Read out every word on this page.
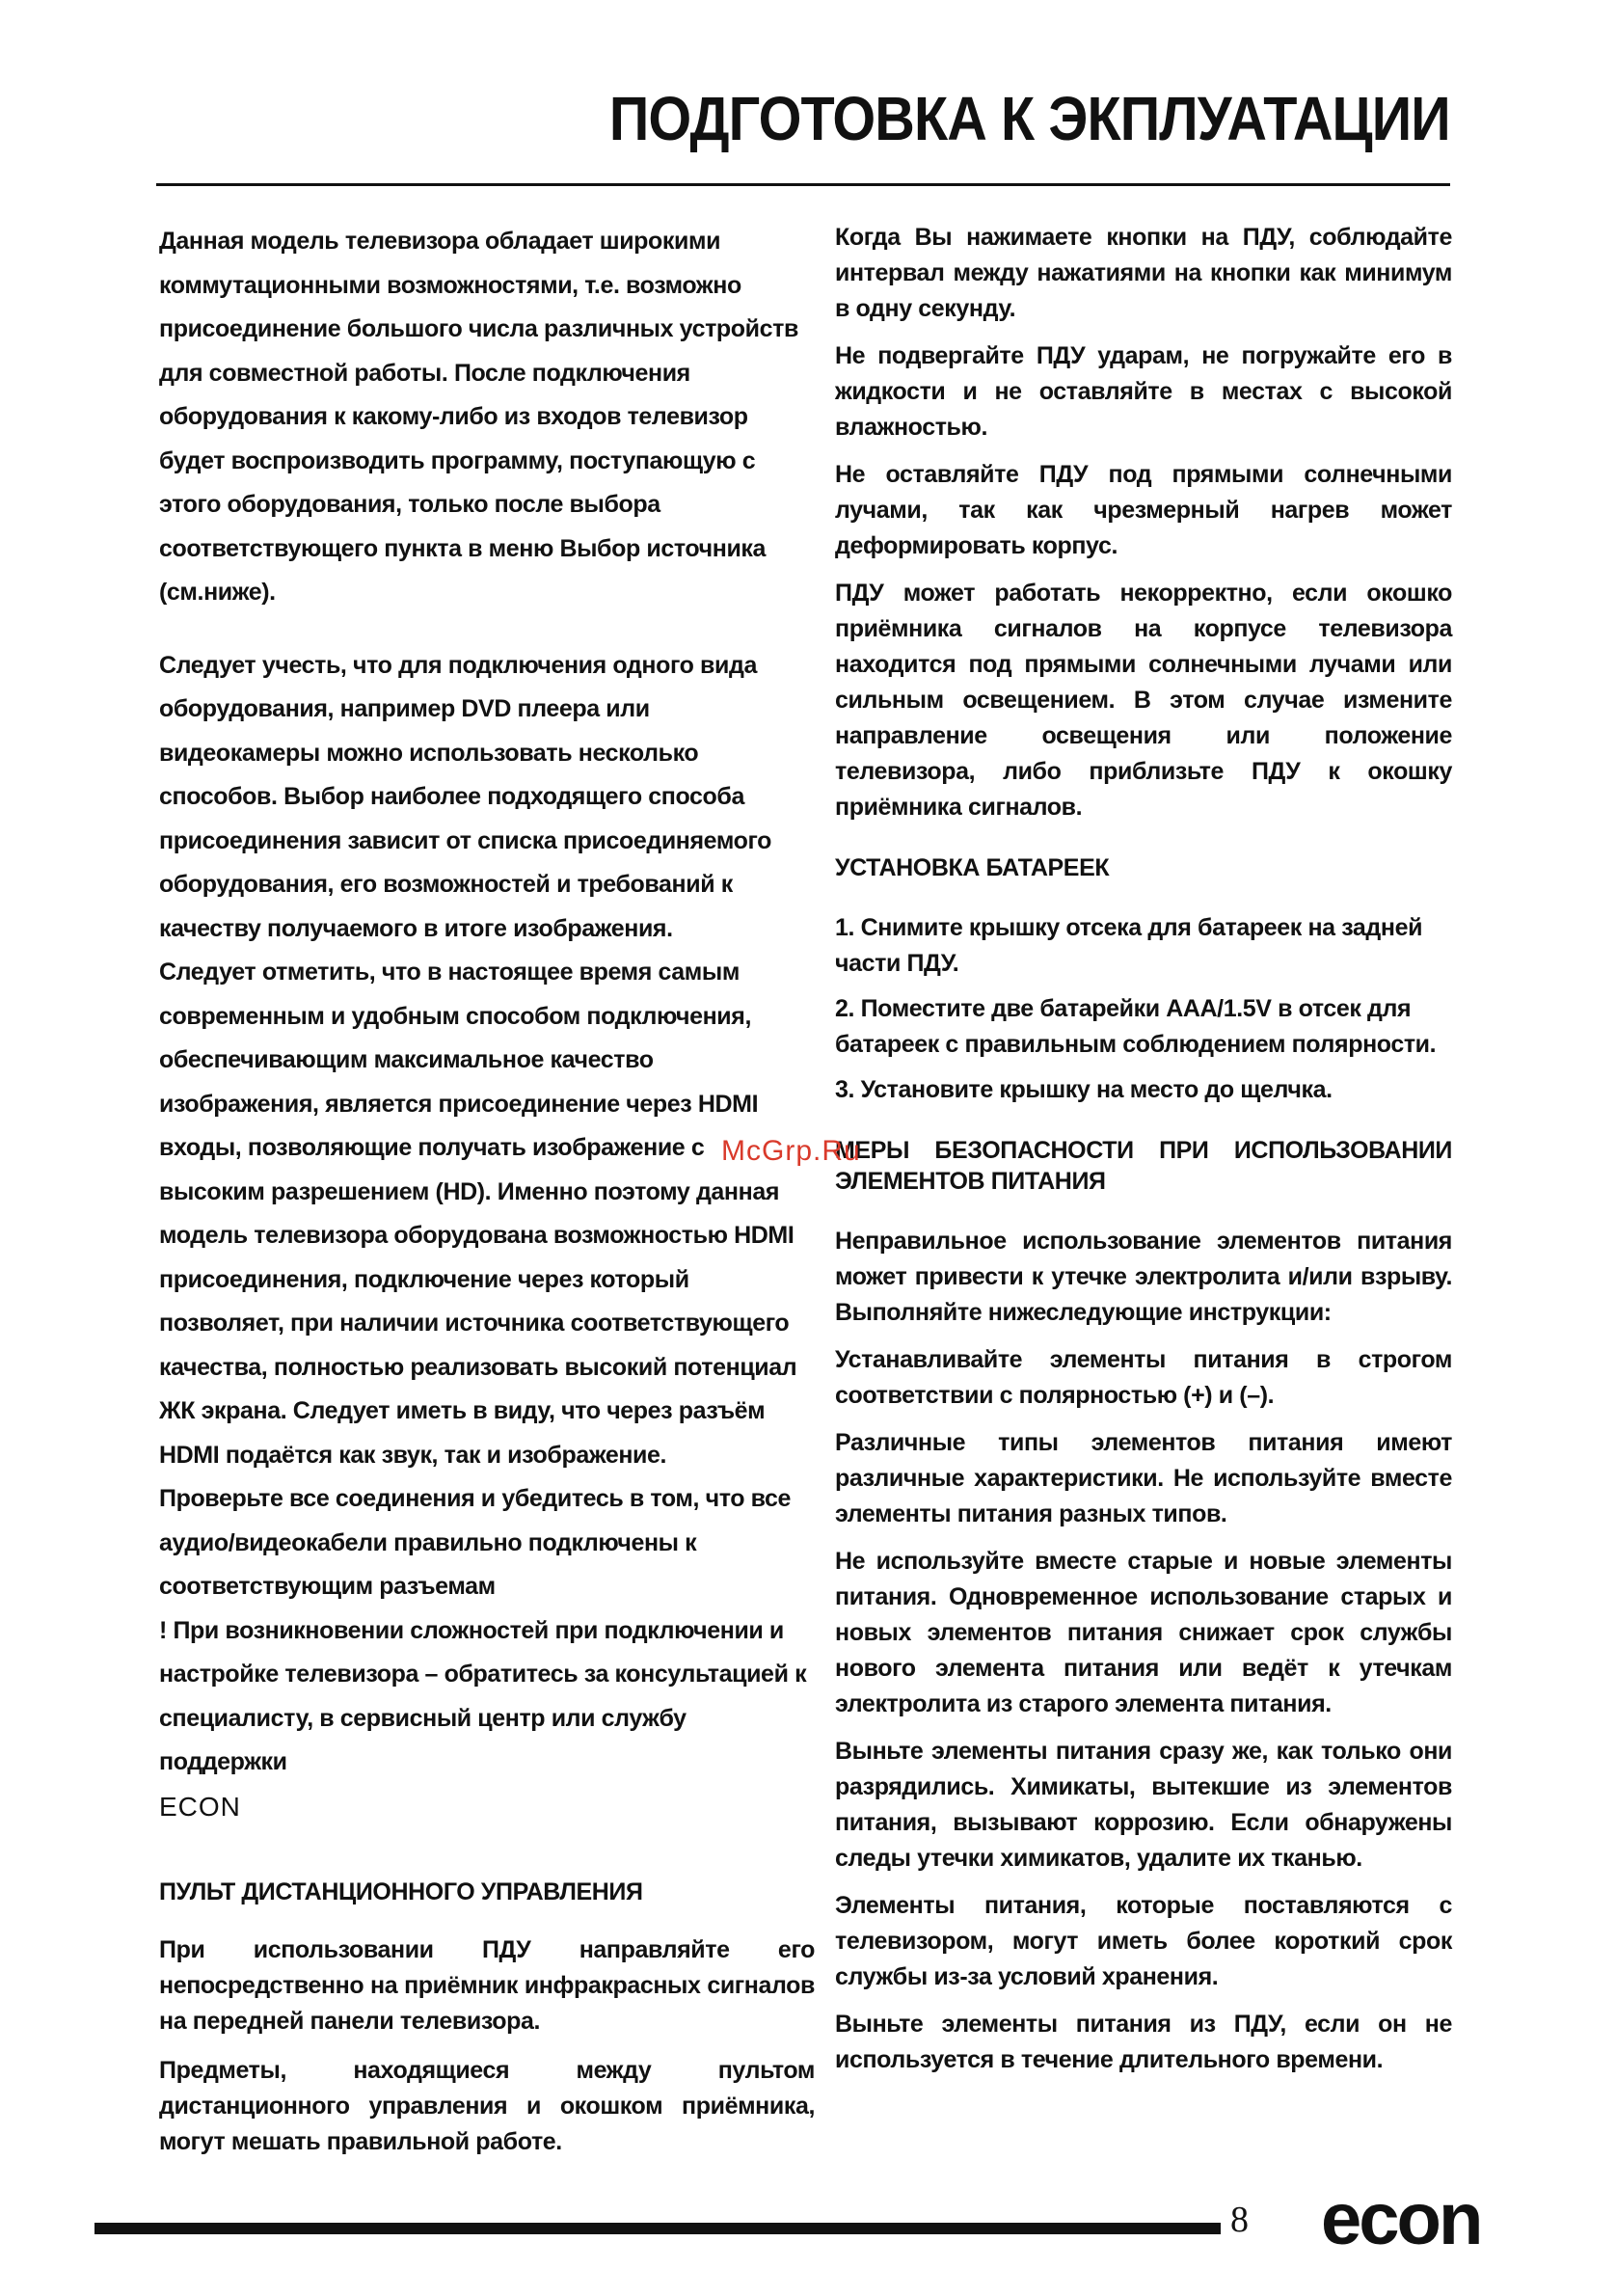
ПОДГОТОВКА К ЭКПЛУАТАЦИИ

Данная модель телевизора обладает широкими коммутационными возможностями, т.е. возможно присоединение большого числа различных устройств для совместной работы. После подключения оборудования к какому-либо из входов телевизор будет воспроизводить программу, поступающую с этого оборудования, только после выбора соответствующего пункта в меню Выбор источника (см.ниже).

Следует учесть, что для подключения одного вида оборудования, например DVD плеера или видеокамеры можно использовать несколько способов. Выбор наиболее подходящего способа присоединения зависит от списка присоединяемого оборудования, его возможностей и требований к качеству получаемого в итоге изображения.

Следует отметить, что в настоящее время самым современным и удобным способом подключения, обеспечивающим максимальное качество изображения, является присоединение через HDMI входы, позволяющие получать изображение с высоким разрешением (HD). Именно поэтому данная модель телевизора оборудована возможностью HDMI присоединения, подключение через который позволяет, при наличии источника соответствующего качества, полностью реализовать высокий потенциал ЖК экрана. Следует иметь в виду, что через разъём HDMI подаётся как звук, так и изображение.

Проверьте все соединения и убедитесь в том, что все аудио/видеокабели правильно подключены к соответствующим разъемам

! При возникновении сложностей при подключении и настройке телевизора – обратитесь за консультацией к специалисту, в сервисный центр или службу поддержки
ECON

ПУЛЬТ ДИСТАНЦИОННОГО УПРАВЛЕНИЯ

При использовании ПДУ направляйте его непосредственно на приёмник инфракрасных сигналов на передней панели телевизора.

Предметы, находящиеся между пультом дистанционного управления и окошком приёмника, могут мешать правильной работе.

Когда Вы нажимаете кнопки на ПДУ, соблюдайте интервал между нажатиями на кнопки как минимум в одну секунду.

Не подвергайте ПДУ ударам, не погружайте его в жидкости и не оставляйте в местах с высокой влажностью.

Не оставляйте ПДУ под прямыми солнечными лучами, так как чрезмерный нагрев может деформировать корпус.

ПДУ может работать некорректно, если окошко приёмника сигналов на корпусе телевизора находится под прямыми солнечными лучами или сильным освещением. В этом случае измените направление освещения или положение телевизора, либо приблизьте ПДУ к окошку приёмника сигналов.

УСТАНОВКА БАТАРЕЕК

1. Снимите крышку отсека для батареек на задней части ПДУ.

2. Поместите две батарейки AAA/1.5V в отсек для батареек с правильным соблюдением полярности.

3. Установите крышку на место до щелчка.

МЕРЫ БЕЗОПАСНОСТИ ПРИ ИСПОЛЬЗОВАНИИ ЭЛЕМЕНТОВ ПИТАНИЯ

Неправильное использование элементов питания может привести к утечке электролита и/или взрыву. Выполняйте нижеследующие инструкции:

Устанавливайте элементы питания в строгом соответствии с полярностью (+) и (–).

Различные типы элементов питания имеют различные характеристики. Не используйте вместе элементы питания разных типов.

Не используйте вместе старые и новые элементы питания. Одновременное использование старых и новых элементов питания снижает срок службы нового элемента питания или ведёт к утечкам электролита из старого элемента питания.

Выньте элементы питания сразу же, как только они разрядились. Химикаты, вытекшие из элементов питания, вызывают коррозию. Если обнаружены следы утечки химикатов, удалите их тканью.

Элементы питания, которые поставляются с телевизором, могут иметь более короткий срок службы из-за условий хранения.

Выньте элементы питания из ПДУ, если он не используется в течение длительного времени.

McGrp.Ru
8 econ
